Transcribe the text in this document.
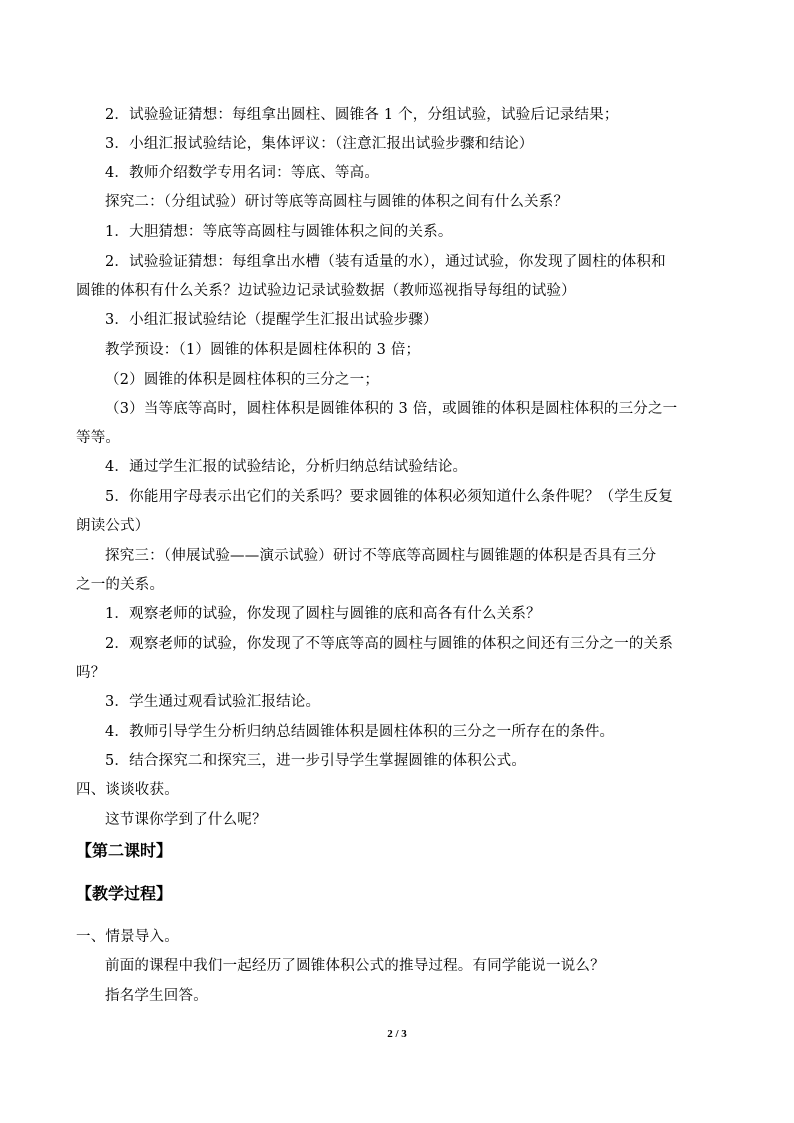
2．试验验证猜想：每组拿出圆柱、圆锥各 1 个，分组试验，试验后记录结果；
3．小组汇报试验结论，集体评议：（注意汇报出试验步骤和结论）
4．教师介绍数学专用名词：等底、等高。
探究二：（分组试验）研讨等底等高圆柱与圆锥的体积之间有什么关系？
1．大胆猜想：等底等高圆柱与圆锥体积之间的关系。
2．试验验证猜想：每组拿出水槽（装有适量的水），通过试验，你发现了圆柱的体积和
圆锥的体积有什么关系？边试验边记录试验数据（教师巡视指导每组的试验）
3．小组汇报试验结论（提醒学生汇报出试验步骤）
教学预设：（1）圆锥的体积是圆柱体积的 3 倍；
（2）圆锥的体积是圆柱体积的三分之一；
（3）当等底等高时，圆柱体积是圆锥体积的 3 倍，或圆锥的体积是圆柱体积的三分之一
等等。
4．通过学生汇报的试验结论，分析归纳总结试验结论。
5．你能用字母表示出它们的关系吗？要求圆锥的体积必须知道什么条件呢？（学生反复
朗读公式）
探究三：（伸展试验——演示试验）研讨不等底等高圆柱与圆锥题的体积是否具有三分
之一的关系。
1．观察老师的试验，你发现了圆柱与圆锥的底和高各有什么关系？
2．观察老师的试验，你发现了不等底等高的圆柱与圆锥的体积之间还有三分之一的关系
吗？
3．学生通过观看试验汇报结论。
4．教师引导学生分析归纳总结圆锥体积是圆柱体积的三分之一所存在的条件。
5．结合探究二和探究三，进一步引导学生掌握圆锥的体积公式。
四、谈谈收获。
这节课你学到了什么呢？
【第二课时】
【教学过程】
一、情景导入。
前面的课程中我们一起经历了圆锥体积公式的推导过程。有同学能说一说么？
指名学生回答。
2 / 3
